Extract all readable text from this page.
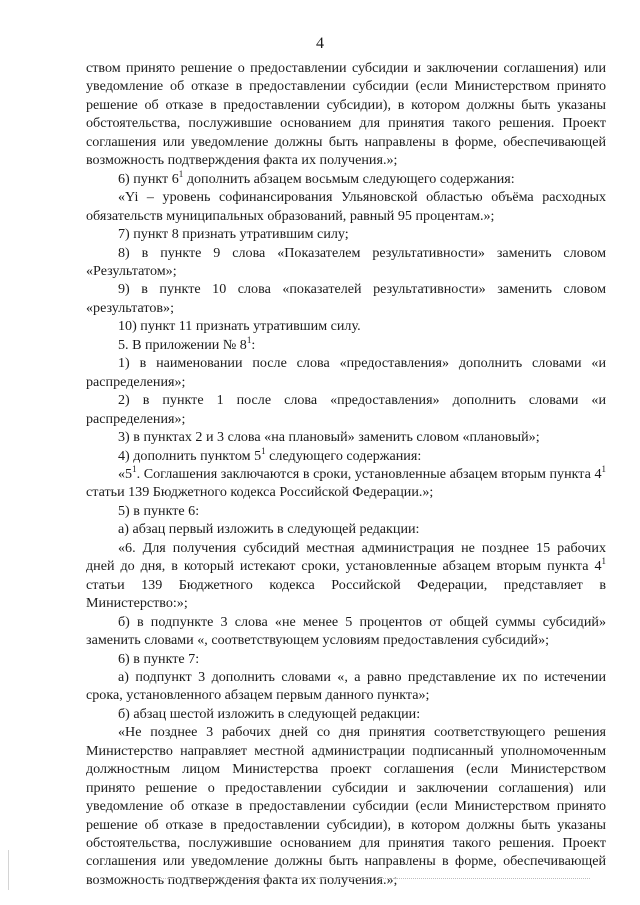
4

ством принято решение о предоставлении субсидии и заключении соглашения) или уведомление об отказе в предоставлении субсидии (если Министерством принято решение об отказе в предоставлении субсидии), в котором должны быть указаны обстоятельства, послужившие основанием для принятия такого решения. Проект соглашения или уведомление должны быть направлены в форме, обеспечивающей возможность подтверждения факта их получения.»;

6) пункт $6^1$ дополнить абзацем восьмым следующего содержания:

«Yi – уровень софинансирования Ульяновской областью объёма расходных обязательств муниципальных образований, равный 95 процентам.»;

7) пункт 8 признать утратившим силу;

8) в пункте 9 слова «Показателем результативности» заменить словом «Результатом»;

9) в пункте 10 слова «показателей результативности» заменить словом «результатов»;

10) пункт 11 признать утратившим силу.

5. В приложении № $8^1$:

1) в наименовании после слова «предоставления» дополнить словами «и распределения»;

2) в пункте 1 после слова «предоставления» дополнить словами «и распределения»;

3) в пунктах 2 и 3 слова «на плановый» заменить словом «плановый»;

4) дополнить пунктом $5^1$ следующего содержания:

«$5^1$. Соглашения заключаются в сроки, установленные абзацем вторым пункта $4^1$ статьи 139 Бюджетного кодекса Российской Федерации.»;

5) в пункте 6:

а) абзац первый изложить в следующей редакции:

«6. Для получения субсидий местная администрация не позднее 15 рабочих дней до дня, в который истекают сроки, установленные абзацем вторым пункта $4^1$ статьи 139 Бюджетного кодекса Российской Федерации, представляет в Министерство:»;

б) в подпункте 3 слова «не менее 5 процентов от общей суммы субсидий» заменить словами «, соответствующем условиям предоставления субсидий»;

6) в пункте 7:

а) подпункт 3 дополнить словами «, а равно представление их по истечении срока, установленного абзацем первым данного пункта»;

б) абзац шестой изложить в следующей редакции:

«Не позднее 3 рабочих дней со дня принятия соответствующего решения Министерство направляет местной администрации подписанный уполномоченным должностным лицом Министерства проект соглашения (если Министерством принято решение о предоставлении субсидии и заключении соглашения) или уведомление об отказе в предоставлении субсидии (если Министерством принято решение об отказе в предоставлении субсидии), в котором должны быть указаны обстоятельства, послужившие основанием для принятия такого решения. Проект соглашения или уведомление должны быть направлены в форме, обеспечивающей возможность подтверждения факта их получения.»;
